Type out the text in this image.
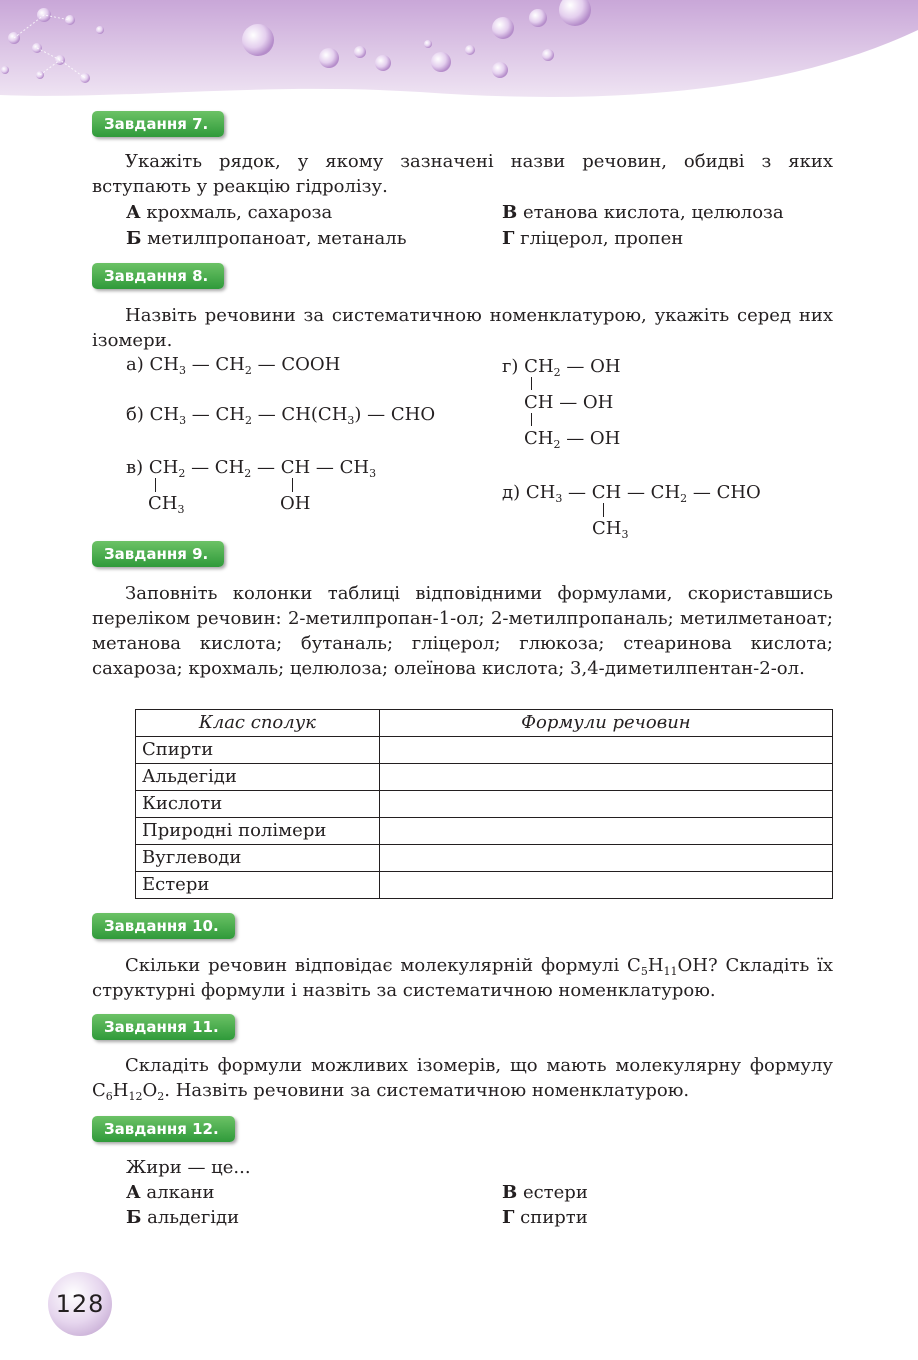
Завдання 7.

Укажіть рядок, у якому зазначені назви речовин, обидві з яких вступають у реакцію гідролізу.

А крохмаль, сахароза	В етанова кислота, целюлоза
Б метилпропаноат, метаналь	Г гліцерол, пропен
Завдання 8.

Назвіть речовини за систематичною номенклатурою, укажіть серед них ізомери.

а) $CH_3$ — $CH_2$ — COOH
б) $CH_3$ — $CH_2$ — $CH(CH_3)$ — CHO
в) $CH_2$ — $CH_2$ — CH — $CH_3$
$CH_3$	OH
г) $CH_2$ — OH
CH — OH
$CH_2$ — OH
д) $CH_3$ — CH — $CH_2$ — CHO
$CH_3$
Завдання 9.

Заповніть колонки таблиці відповідними формулами, скориставшись переліком речовин: 2-метилпропан-1-ол; 2-метилпропаналь; метилметаноат; метанова кислота; бутаналь; гліцерол; глюкоза; стеаринова кислота; сахароза; крохмаль; целюлоза; олеїнова кислота; 3,4-диметилпентан-2-ол.

Клас сполук	Формули речовин
Спирти	
Альдегіди	
Кислоти	
Природні полімери	
Вуглеводи	
Естери	
Завдання 10.

Скільки речовин відповідає молекулярній формулі $C_5H_{11}OH$? Складіть їх структурні формули і назвіть за систематичною номенклатурою.

Завдання 11.

Складіть формули можливих ізомерів, що мають молекулярну формулу $C_6H_{12}O_2$. Назвіть речовини за систематичною номенклатурою.

Завдання 12.
Жири — це...
А алкани	В естери
Б альдегіди	Г спирти
128
